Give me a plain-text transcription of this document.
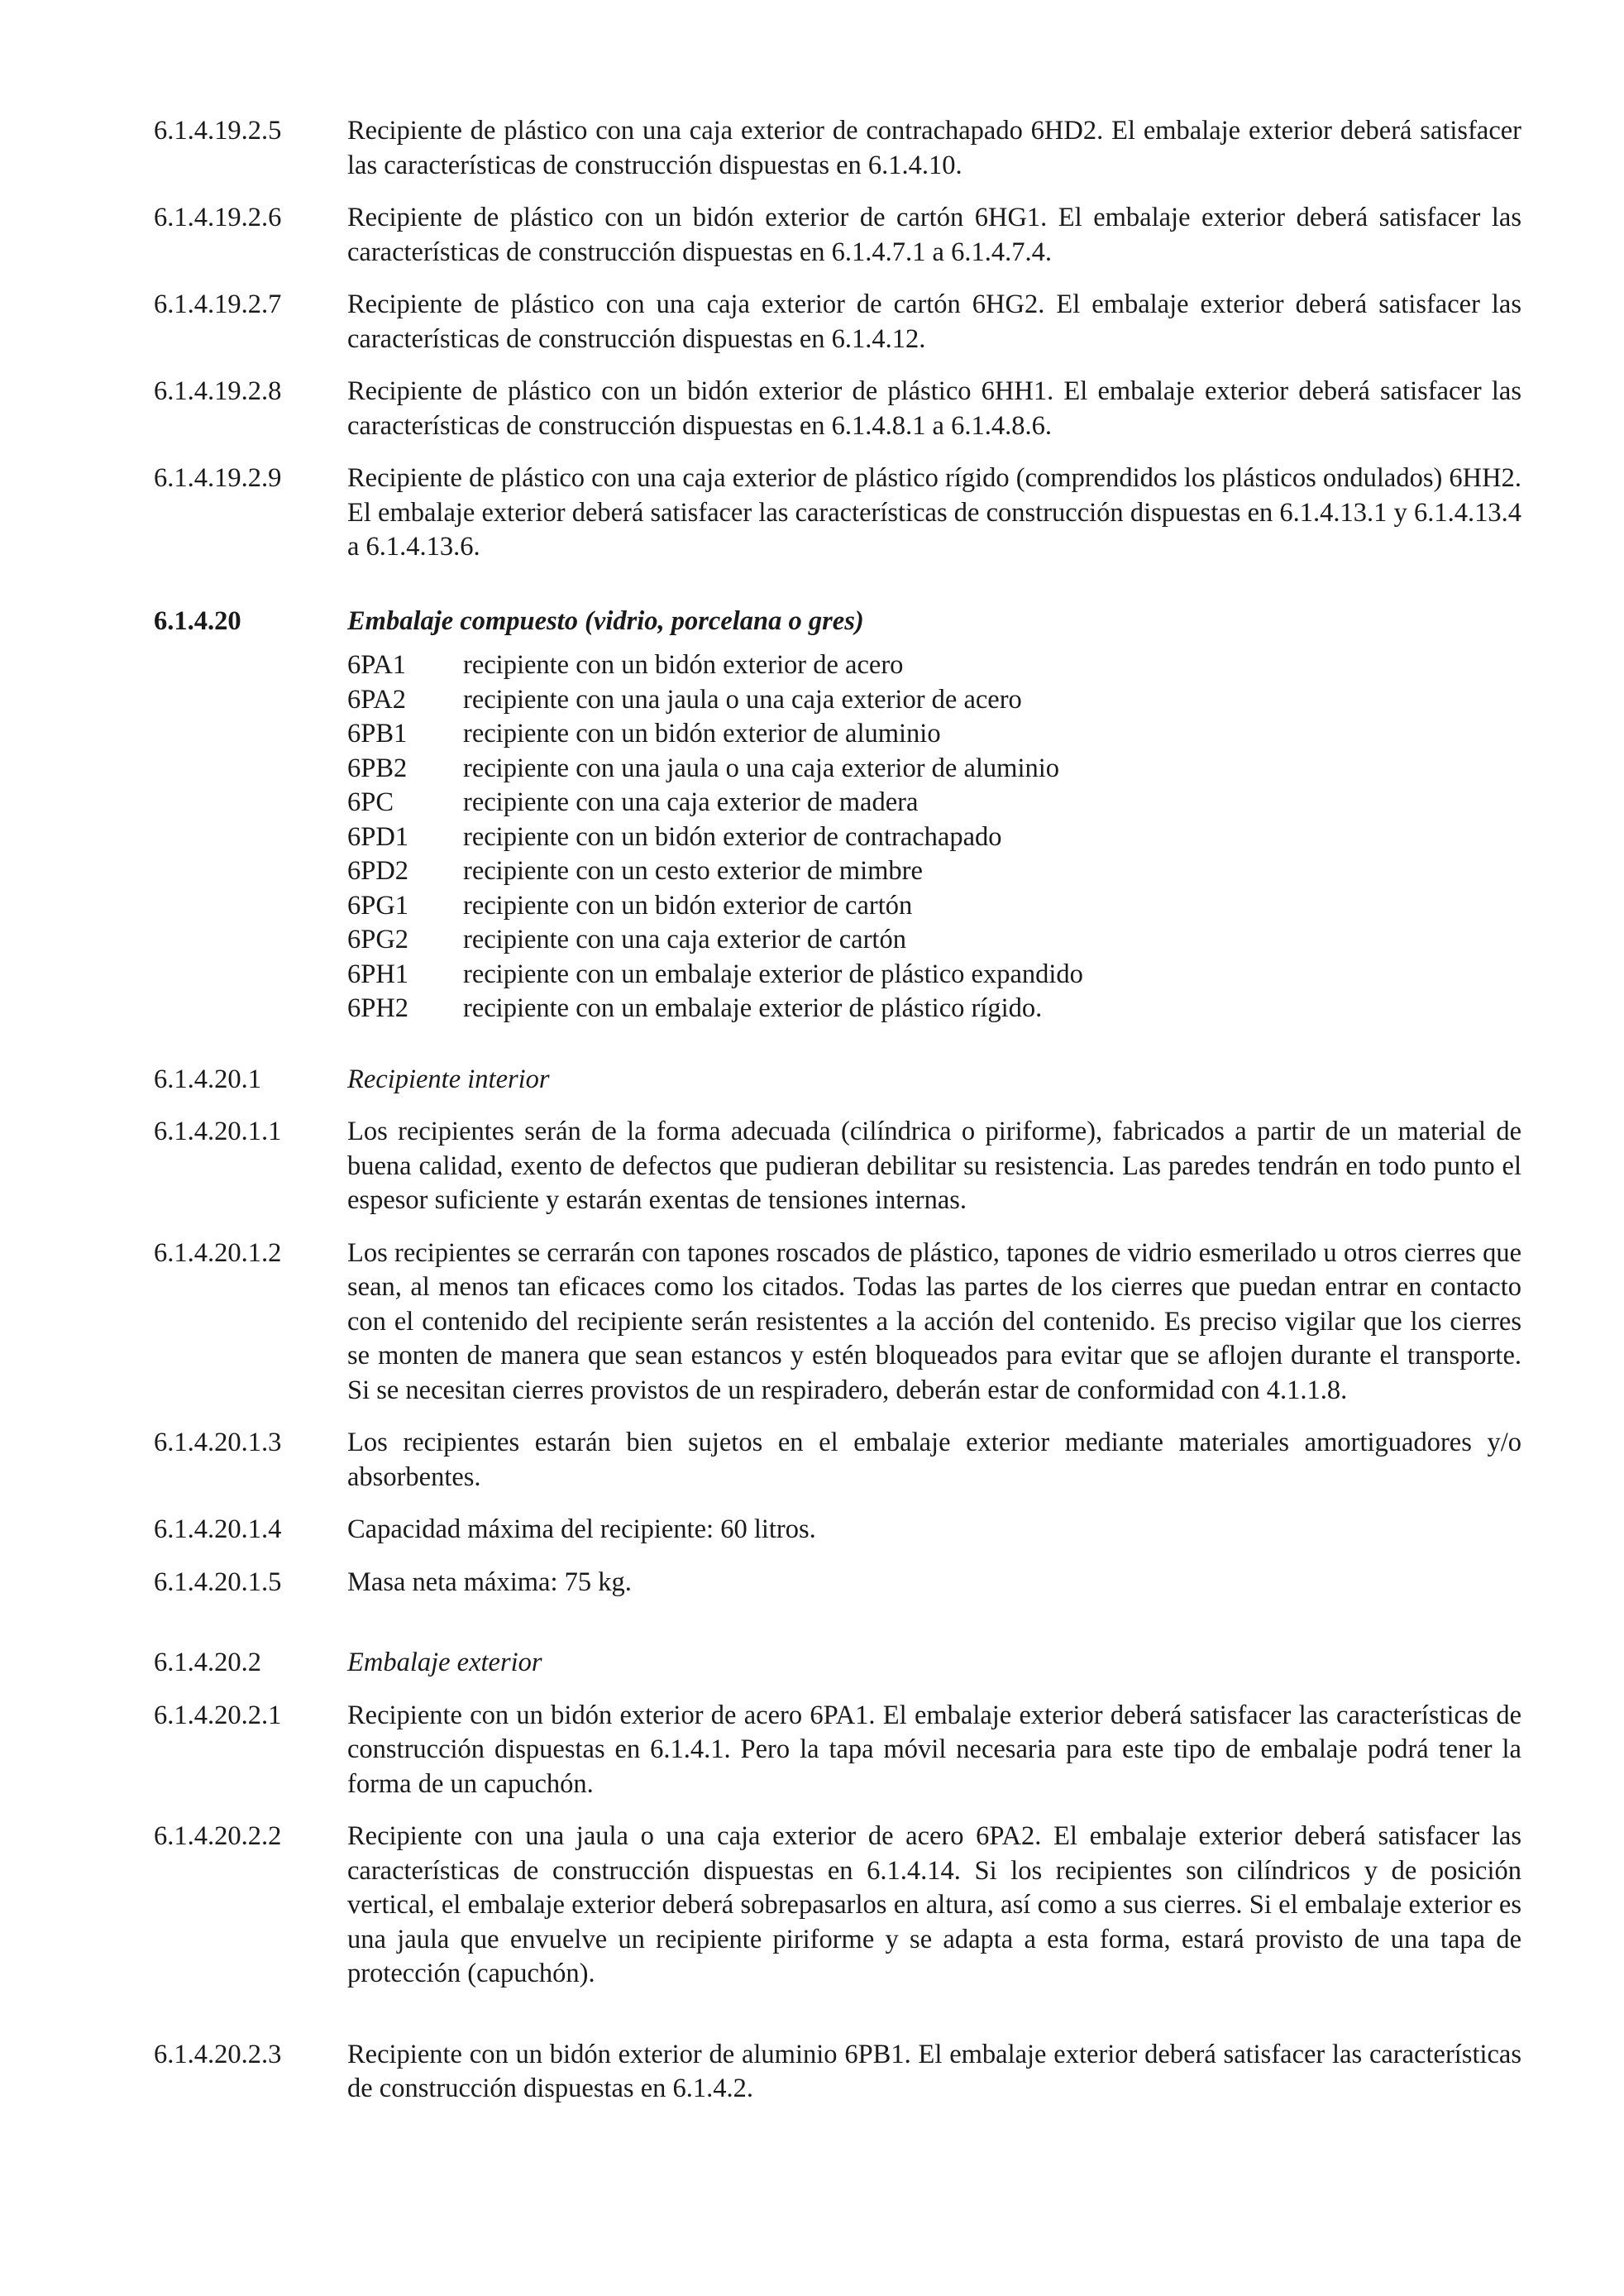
6.1.4.19.2.5	Recipiente de plástico con una caja exterior de contrachapado 6HD2. El embalaje exterior deberá satisfacer las características de construcción dispuestas en 6.1.4.10.
6.1.4.19.2.6	Recipiente de plástico con un bidón exterior de cartón 6HG1. El embalaje exterior deberá satisfacer las características de construcción dispuestas en 6.1.4.7.1 a 6.1.4.7.4.
6.1.4.19.2.7	Recipiente de plástico con una caja exterior de cartón 6HG2. El embalaje exterior deberá satisfacer las características de construcción dispuestas en 6.1.4.12.
6.1.4.19.2.8	Recipiente de plástico con un bidón exterior de plástico 6HH1. El embalaje exterior deberá satisfacer las características de construcción dispuestas en 6.1.4.8.1 a 6.1.4.8.6.
6.1.4.19.2.9	Recipiente de plástico con una caja exterior de plástico rígido (comprendidos los plásticos ondulados) 6HH2. El embalaje exterior deberá satisfacer las características de construcción dispuestas en 6.1.4.13.1 y 6.1.4.13.4 a 6.1.4.13.6.
6.1.4.20	Embalaje compuesto (vidrio, porcelana o gres)
6PA1	recipiente con un bidón exterior de acero
6PA2	recipiente con una jaula o una caja exterior de acero
6PB1	recipiente con un bidón exterior de aluminio
6PB2	recipiente con una jaula o una caja exterior de aluminio
6PC	recipiente con una caja exterior de madera
6PD1	recipiente con un bidón exterior de contrachapado
6PD2	recipiente con un cesto exterior de mimbre
6PG1	recipiente con un bidón exterior de cartón
6PG2	recipiente con una caja exterior de cartón
6PH1	recipiente con un embalaje exterior de plástico expandido
6PH2	recipiente con un embalaje exterior de plástico rígido.
6.1.4.20.1	Recipiente interior
6.1.4.20.1.1	Los recipientes serán de la forma adecuada (cilíndrica o piriforme), fabricados a partir de un material de buena calidad, exento de defectos que pudieran debilitar su resistencia. Las paredes tendrán en todo punto el espesor suficiente y estarán exentas de tensiones internas.
6.1.4.20.1.2	Los recipientes se cerrarán con tapones roscados de plástico, tapones de vidrio esmerilado u otros cierres que sean, al menos tan eficaces como los citados. Todas las partes de los cierres que puedan entrar en contacto con el contenido del recipiente serán resistentes a la acción del contenido. Es preciso vigilar que los cierres se monten de manera que sean estancos y estén bloqueados para evitar que se aflojen durante el transporte. Si se necesitan cierres provistos de un respiradero, deberán estar de conformidad con 4.1.1.8.
6.1.4.20.1.3	Los recipientes estarán bien sujetos en el embalaje exterior mediante materiales amortiguadores y/o absorbentes.
6.1.4.20.1.4	Capacidad máxima del recipiente: 60 litros.
6.1.4.20.1.5	Masa neta máxima: 75 kg.
6.1.4.20.2	Embalaje exterior
6.1.4.20.2.1	Recipiente con un bidón exterior de acero 6PA1. El embalaje exterior deberá satisfacer las características de construcción dispuestas en 6.1.4.1. Pero la tapa móvil necesaria para este tipo de embalaje podrá tener la forma de un capuchón.
6.1.4.20.2.2	Recipiente con una jaula o una caja exterior de acero 6PA2. El embalaje exterior deberá satisfacer las características de construcción dispuestas en 6.1.4.14. Si los recipientes son cilíndricos y de posición vertical, el embalaje exterior deberá sobrepasarlos en altura, así como a sus cierres. Si el embalaje exterior es una jaula que envuelve un recipiente piriforme y se adapta a esta forma, estará provisto de una tapa de protección (capuchón).
6.1.4.20.2.3	Recipiente con un bidón exterior de aluminio 6PB1. El embalaje exterior deberá satisfacer las características de construcción dispuestas en 6.1.4.2.
